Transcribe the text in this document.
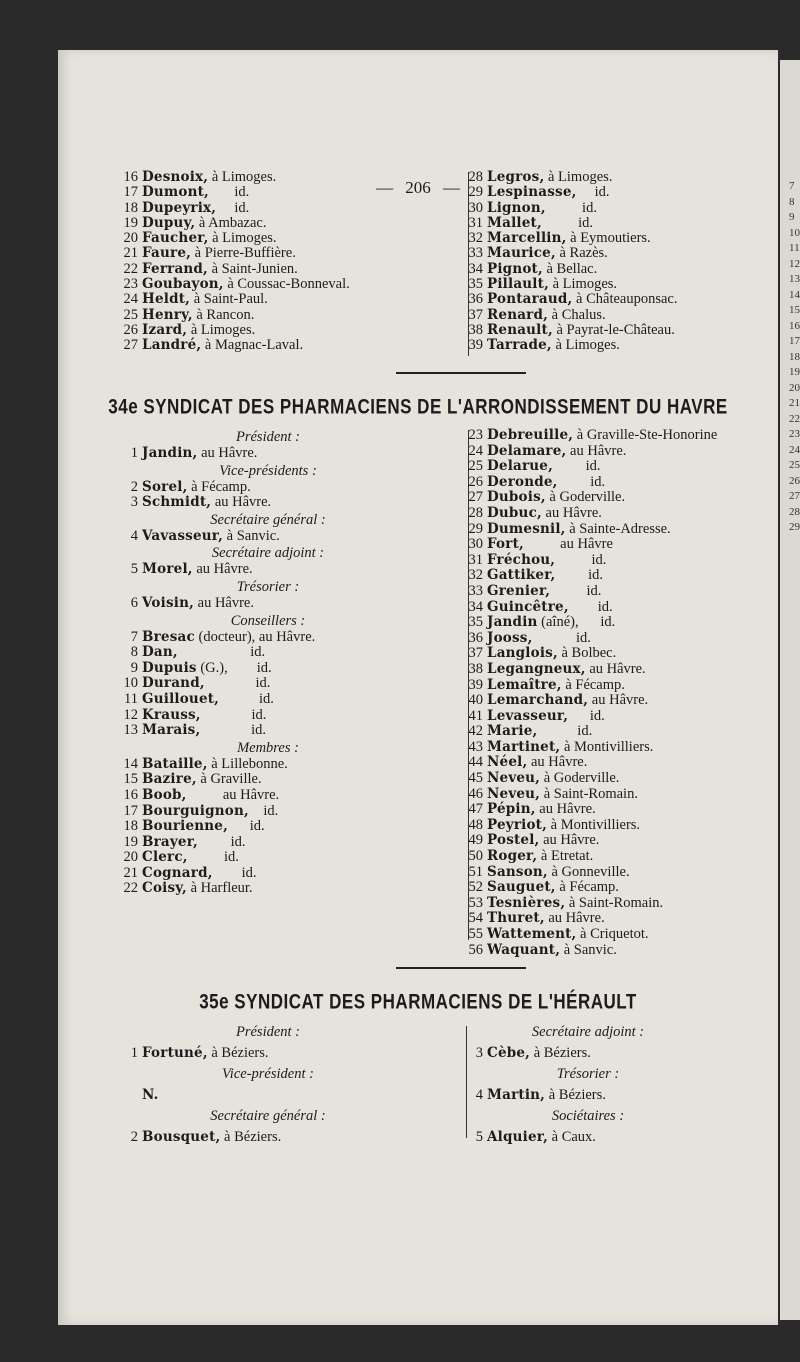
7
8
9
10
11
12
13
14
15
16
17
18
19
20
21
22
23
24
25
26
27
28
29
— 206 —
16 Desnoix, à Limoges.
17 Dumont,       id.
18 Dupeyrix,     id.
19 Dupuy, à Ambazac.
20 Faucher, à Limoges.
21 Faure, à Pierre-Buffière.
22 Ferrand, à Saint-Junien.
23 Goubayon, à Coussac-Bonneval.
24 Heldt, à Saint-Paul.
25 Henry, à Rancon.
26 Izard, à Limoges.
27 Landré, à Magnac-Laval.
28 Legros, à Limoges.
29 Lespinasse,     id.
30 Lignon,          id.
31 Mallet,          id.
32 Marcellin, à Eymoutiers.
33 Maurice, à Razès.
34 Pignot, à Bellac.
35 Pillault, à Limoges.
36 Pontaraud, à Châteauponsac.
37 Renard, à Chalus.
38 Renault, à Payrat-le-Château.
39 Tarrade, à Limoges.
34e SYNDICAT DES PHARMACIENS DE L'ARRONDISSEMENT DU HAVRE
Président :
1 Jandin, au Hâvre.
Vice-présidents :
2 Sorel, à Fécamp.
3 Schmidt, au Hâvre.
Secrétaire général :
4 Vavasseur, à Sanvic.
Secrétaire adjoint :
5 Morel, au Hâvre.
Trésorier :
6 Voisin, au Hâvre.
Conseillers :
7 Bresac (docteur), au Hâvre.
8 Dan,                    id.
9 Dupuis (G.),        id.
10 Durand,              id.
11 Guillouet,           id.
12 Krauss,              id.
13 Marais,              id.
Membres :
14 Bataille, à Lillebonne.
15 Bazire, à Graville.
16 Boob,          au Hâvre.
17 Bourguignon,    id.
18 Bourienne,      id.
19 Brayer,         id.
20 Clerc,          id.
21 Cognard,        id.
22 Coisy, à Harfleur.
23 Debreuille, à Graville-Ste-Honorine
24 Delamare, au Hâvre.
25 Delarue,         id.
26 Deronde,         id.
27 Dubois, à Goderville.
28 Dubuc, au Hâvre.
29 Dumesnil, à Sainte-Adresse.
30 Fort,          au Hâvre
31 Fréchou,          id.
32 Gattiker,         id.
33 Grenier,          id.
34 Guincêtre,        id.
35 Jandin (aîné),      id.
36 Jooss,            id.
37 Langlois, à Bolbec.
38 Legangneux, au Hâvre.
39 Lemaître, à Fécamp.
40 Lemarchand, au Hâvre.
41 Levasseur,      id.
42 Marie,           id.
43 Martinet, à Montivilliers.
44 Néel, au Hâvre.
45 Neveu, à Goderville.
46 Neveu, à Saint-Romain.
47 Pépin, au Hâvre.
48 Peyriot, à Montivilliers.
49 Postel, au Hâvre.
50 Roger, à Etretat.
51 Sanson, à Gonneville.
52 Sauguet, à Fécamp.
53 Tesnières, à Saint-Romain.
54 Thuret, au Hâvre.
55 Wattement, à Criquetot.
56 Waquant, à Sanvic.
35e SYNDICAT DES PHARMACIENS DE L'HÉRAULT
Président :
1 Fortuné, à Béziers.
Vice-président :
N.
Secrétaire général :
2 Bousquet, à Béziers.
Secrétaire adjoint :
3 Cèbe, à Béziers.
Trésorier :
4 Martin, à Béziers.
Sociétaires :
5 Alquier, à Caux.
